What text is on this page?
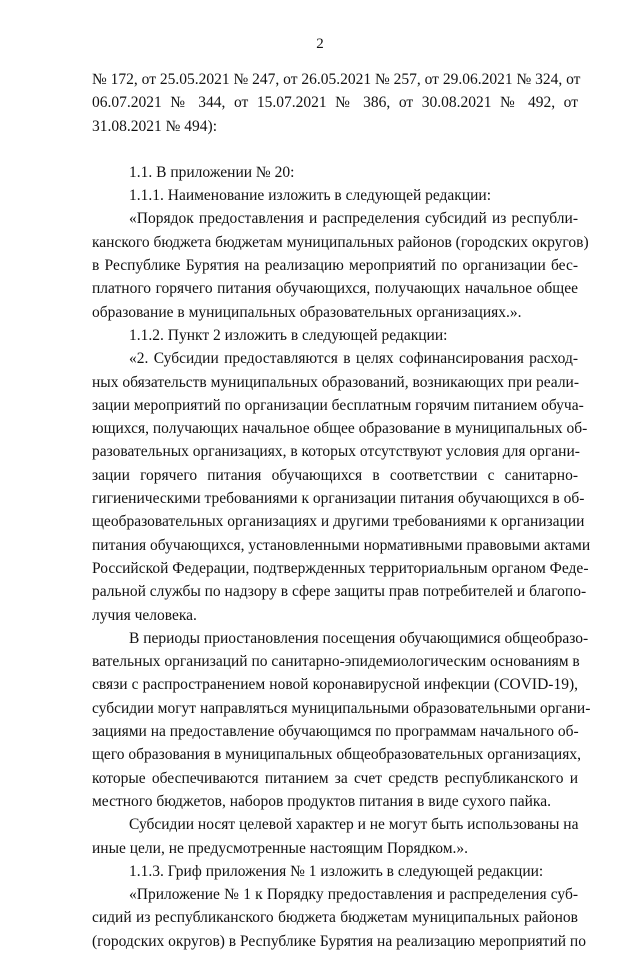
2
№ 172, от 25.05.2021 № 247, от 26.05.2021 № 257, от 29.06.2021 № 324, от
06.07.2021 № 344, от 15.07.2021 № 386, от 30.08.2021 № 492, от
31.08.2021 № 494):
1.1. В приложении № 20:
1.1.1. Наименование изложить в следующей редакции:
«Порядок предоставления и распределения субсидий из республи-
канского бюджета бюджетам муниципальных районов (городских округов)
в Республике Бурятия на реализацию мероприятий по организации бес-
платного горячего питания обучающихся, получающих начальное общее
образование в муниципальных образовательных организациях.».
1.1.2. Пункт 2 изложить в следующей редакции:
«2. Субсидии предоставляются в целях софинансирования расход-
ных обязательств муниципальных образований, возникающих при реали-
зации мероприятий по организации бесплатным горячим питанием обуча-
ющихся, получающих начальное общее образование в муниципальных об-
разовательных организациях, в которых отсутствуют условия для органи-
зации горячего питания обучающихся в соответствии с санитарно-
гигиеническими требованиями к организации питания обучающихся в об-
щеобразовательных организациях и другими требованиями к организации
питания обучающихся, установленными нормативными правовыми актами
Российской Федерации, подтвержденных территориальным органом Феде-
ральной службы по надзору в сфере защиты прав потребителей и благопо-
лучия человека.
В периоды приостановления посещения обучающимися общеобразо-
вательных организаций по санитарно-эпидемиологическим основаниям в
связи с распространением новой коронавирусной инфекции (COVID-19),
субсидии могут направляться муниципальными образовательными органи-
зациями на предоставление обучающимся по программам начального об-
щего образования в муниципальных общеобразовательных организациях,
которые обеспечиваются питанием за счет средств республиканского и
местного бюджетов, наборов продуктов питания в виде сухого пайка.
Субсидии носят целевой характер и не могут быть использованы на
иные цели, не предусмотренные настоящим Порядком.».
1.1.3. Гриф приложения № 1 изложить в следующей редакции:
«Приложение № 1 к Порядку предоставления и распределения суб-
сидий из республиканского бюджета бюджетам муниципальных районов
(городских округов) в Республике Бурятия на реализацию мероприятий по
